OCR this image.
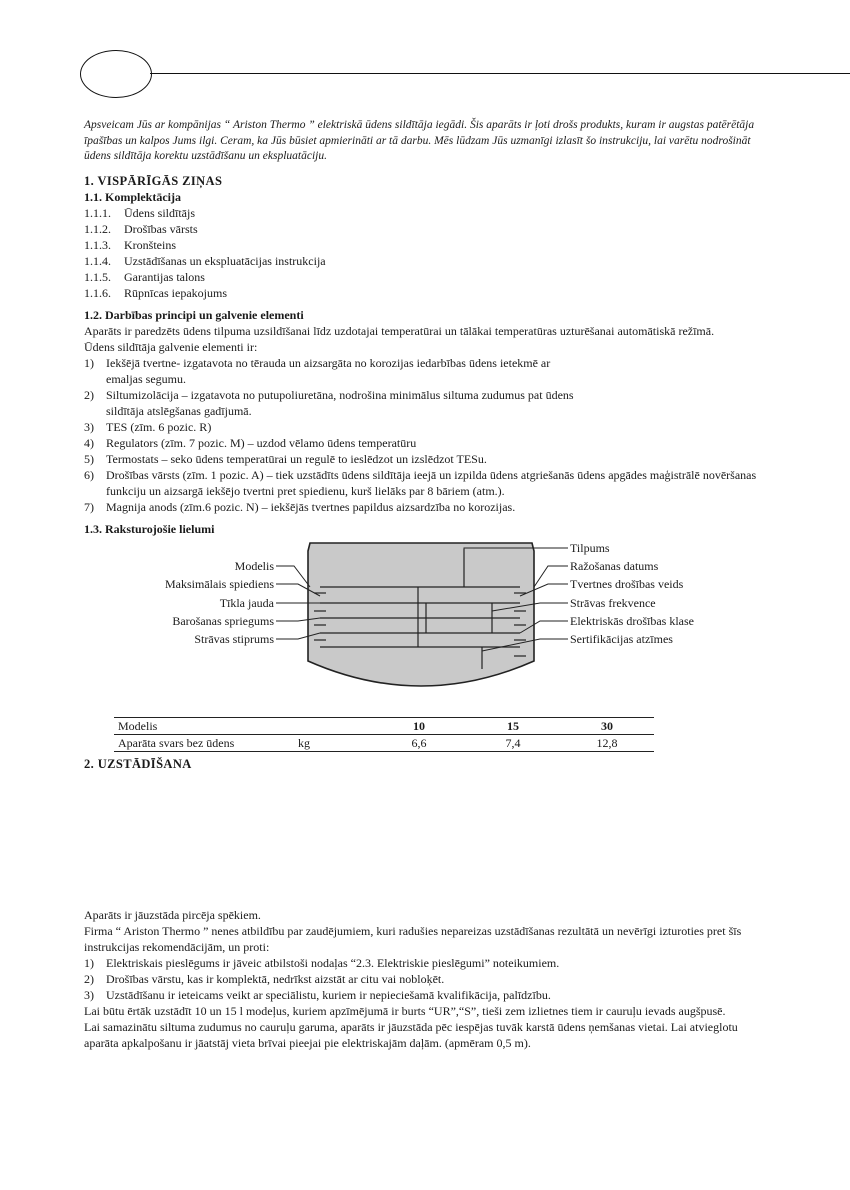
Apsveicam Jūs ar kompānijas “ Ariston Thermo ” elektriskā ūdens sildītāja iegādi. Šis aparāts ir ļoti drošs produkts, kuram ir augstas patērētāja īpašības un kalpos Jums ilgi. Ceram, ka Jūs būsiet apmierināti ar tā darbu. Mēs lūdzam Jūs uzmanīgi izlasīt šo instrukciju, lai varētu nodrošināt ūdens sildītāja korektu uzstādīšanu un ekspluatāciju.

1. VISPĀRĪGĀS ZIŅAS
1.1. Komplektācija
1.1.1.	Ūdens sildītājs
1.1.2.	Drošības vārsts
1.1.3.	Kronšteins
1.1.4.	Uzstādīšanas un ekspluatācijas instrukcija
1.1.5.	Garantijas talons
1.1.6.	Rūpnīcas iepakojums
1.2. Darbības principi un galvenie elementi

Aparāts ir paredzēts ūdens tilpuma uzsildīšanai līdz uzdotajai temperatūrai un tālākai temperatūras uzturēšanai automātiskā režīmā.

Ūdens sildītāja galvenie elementi ir:

1)	Iekšējā tvertne- izgatavota no tērauda un aizsargāta no korozijas iedarbības ūdens ietekmē ar emaljas segumu.
2)	Siltumizolācija – izgatavota no putupoliuretāna, nodrošina minimālus siltuma zudumus pat ūdens sildītāja atslēgšanas gadījumā.
3)	TES (zīm. 6 pozic. R)
4)	Regulators (zīm. 7 pozic. M) – uzdod vēlamo ūdens temperatūru
5)	Termostats – seko ūdens temperatūrai un regulē to ieslēdzot un izslēdzot TESu.
6)	Drošības vārsts (zīm. 1 pozic. A) – tiek uzstādīts ūdens sildītāja ieejā un izpilda ūdens atgriešanās ūdens apgādes maģistrālē novēršanas funkciju un aizsargā iekšējo tvertni pret spiedienu, kurš lielāks par 8 bāriem (atm.).
7)	Magnija anods (zīm.6 pozic. N) – iekšējās tvertnes papildus aizsardzība no korozijas.
1.3. Raksturojošie lielumi
Modelis
Maksimālais spiediens
Tīkla jauda
Barošanas spriegums
Strāvas stiprums
Tilpums
Ražošanas datums
Tvertnes drošības veids
Strāvas frekvence
Elektriskās drošības klase
Sertifikācijas atzīmes
Modelis		10	15	30
Aparāta svars bez ūdens	kg	6,6	7,4	12,8
2. UZSTĀDĪŠANA

Aparāts ir jāuzstāda pircēja spēkiem.

Firma “ Ariston Thermo ” nenes atbildību par zaudējumiem, kuri radušies nepareizas uzstādīšanas rezultātā un nevērīgi izturoties pret šīs instrukcijas rekomendācijām, un proti:

1)	Elektriskais pieslēgums ir jāveic atbilstoši nodaļas “2.3. Elektriskie pieslēgumi” noteikumiem.
2)	Drošības vārstu, kas ir komplektā, nedrīkst aizstāt ar citu vai nobloķēt.
3)	Uzstādīšanu ir ieteicams veikt ar speciālistu, kuriem ir nepieciešamā kvalifikācija, palīdzību.

Lai būtu ērtāk uzstādīt 10 un 15 l modeļus, kuriem apzīmējumā ir burts “UR”,“S”, tieši zem izlietnes tiem ir cauruļu ievads augšpusē.

Lai samazinātu siltuma zudumus no cauruļu garuma, aparāts ir jāuzstāda pēc iespējas tuvāk karstā ūdens ņemšanas vietai. Lai atvieglotu aparāta apkalpošanu ir jāatstāj vieta brīvai pieejai pie elektriskajām daļām. (apmēram 0,5 m).
